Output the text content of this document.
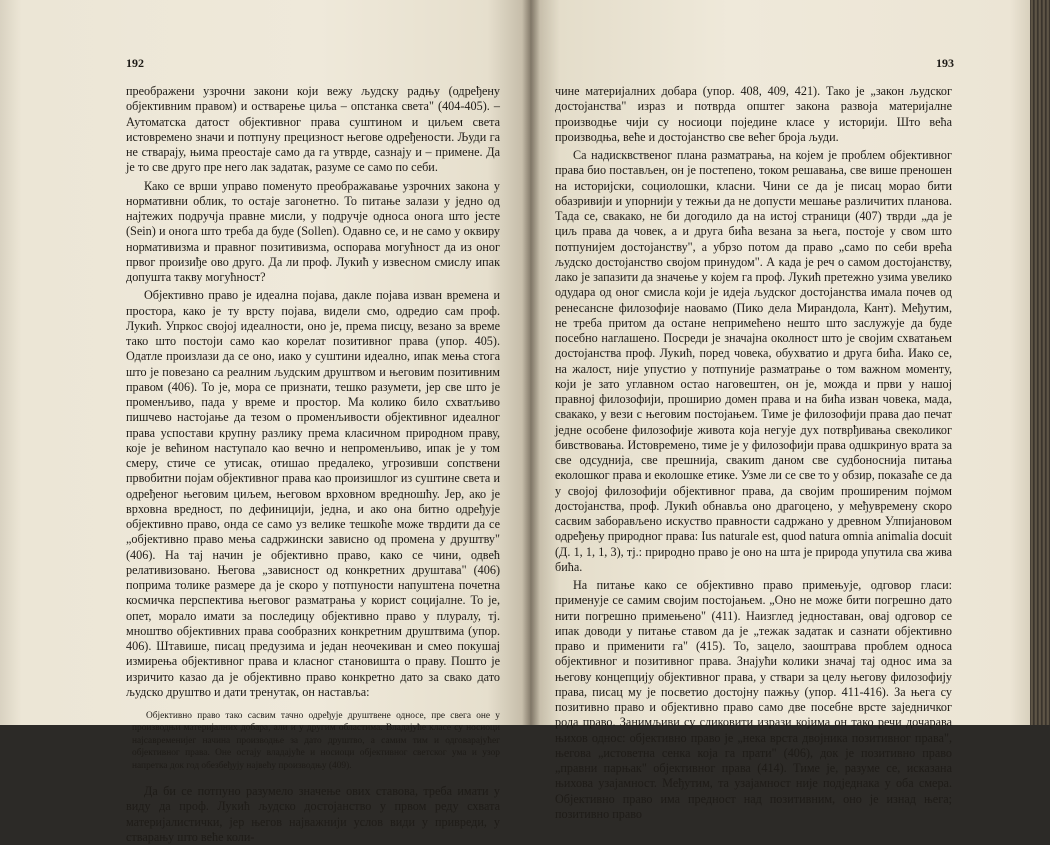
192

преображени узрочни закони који вежу људску радњу (одређену објективним правом) и остварење циља – опстанка света" (404-405). – Аутоматска датост објективног права суштином и циљем света истовремено значи и потпуну прецизност његове одређености. Људи га не стварају, њима преостаје само да га утврде, сазнају и – примене. Да је то све друго пре него лак задатак, разуме се само по себи.

Како се врши управо поменуто преображавање узрочних закона у нормативни облик, то остаје загонетно. То питање залази у једно од најтежих подручја правне мисли, у подручје односа онога што јесте (Sein) и онога што треба да буде (Sollen). Одавно се, и не само у оквиру нормативизма и правног позитивизма, оспорава могућност да из оног првог произиђе ово друго. Да ли проф. Лукић у извесном смислу ипак допушта такву могућност?

Објективно право је идеална појава, дакле појава изван времена и простора, како је ту врсту појава, видели смо, одредио сам проф. Лукић. Упркос својој идеалности, оно је, према писцу, везано за време тако што постоји само као корелат позитивног права (упор. 405). Одатле произлази да се оно, иако у суштини идеално, ипак мења стога што је повезано са реалним људским друштвом и његовим позитивним правом (406). То је, мора се признати, тешко разумети, јер све што је променљиво, пада у време и простор. Ма колико било схватљиво пишчево настојање да тезом о променљивости објективног идеалног права успостави крупну разлику према класичном природном праву, које је већином наступало као вечно и непроменљиво, ипак је у том смеру, стиче се утисак, отишао предалеко, угрозивши сопствени првобитни појам објективног права као произишлог из суштине света и одређеног његовим циљем, његовом врховном вредношћу. Јер, ако је врховна вредност, по дефиницији, једна, и ако она битно одређује објективно право, онда се само уз велике тешкоће може тврдити да се „објективно право мења садржински зависно од промена у друштву" (406). На тај начин је објективно право, како се чини, одвећ релативизовано. Његова „зависност од конкретних друштава" (406) поприма толике размере да је скоро у потпуности напуштена почетна космичка перспектива његовог разматрања у корист социјалне. То је, опет, морало имати за последицу објективно право у плуралу, тј. мноштво објективних права сообразних конкретним друштвима (упор. 406). Штавише, писац предузима и један неочекиван и смео покушај измирења објективног права и класног становишта о праву. Пошто је изричито казао да је објективно право конкретно дато за свако дато људско друштво и дати тренутак, он наставља:

Објективно право тако сасвим тачно одређује друштвене односе, пре свега оне у производњи материјалних добара, али и у другим областима. Владајуће класе су носиоци најсавременијег начина производње за дато друштво, а самим тим и одговарајућег објективног права. Оне остају владајуће и носиоци објективног светског ума и узор напретка док год обезбеђују највећу производњу (409).

Да би се потпуно разумело значење ових ставова, треба имати у виду да проф. Лукић људско достојанство у првом реду схвата материјалистички, јер његов најважнији услов види у привреди, у стварању што веће коли-

193

чине материјалних добара (упор. 408, 409, 421). Тако је „закон људског достојанства" израз и потврда општег закона развоја материјалне производње чији су носиоци поједине класе у историји. Што већа производња, веће и достојанство све већег броја људи.

Са надисквственог плана разматрања, на којем је проблем објективног права био постављен, он је постепено, током решавања, све више преношен на историјски, социолошки, класни. Чини се да је писац морао бити обазривији и упорнији у тежњи да не допусти мешање различитих планова. Тада се, свакако, не би догодило да на истој страници (407) тврди „да је циљ права да човек, а и друга бића везана за њега, постоје у свом што потпунијем достојанству", а убрзо потом да право „само по себи врећа људско достојанство својом принудом". А када је реч о самом достојанству, лако је запазити да значење у којем га проф. Лукић претежно узима увелико одудара од оног смисла који је идеја људског достојанства имала почев од ренесансне филозофије наовамо (Пико дела Мирандола, Кант). Међутим, не треба притом да остане непримећено нешто што заслужује да буде посебно наглашено. Посреди је значајна околност што је својим схватањем достојанства проф. Лукић, поред човека, обухватио и друга бића. Иако се, на жалост, није упустио у потпуније разматрање о том важном моменту, који је зато углавном остао наговештен, он је, можда и први у нашој правној филозофији, проширио домен права и на бића изван човека, мада, свакако, у вези с његовим постојањем. Тиме је филозофији права дао печат једне особене филозофије живота која негује дух потврђивања свеколиког бивствовања. Истовремено, тиме је у филозофији права одшкринуо врата за све одсуднија, све прешнија, свакиm даном све судбоноснија питања еколошког права и еколошке етике. Узме ли се све то у обзир, показаће се да у својој филозофији објективног права, да својим проширеним појмом достојанства, проф. Лукић обнавља оно драгоцено, у међувремену скоро сасвим заборављено искуство правности садржано у древном Улпијановом одређењу природног права: Ius naturale est, quod natura omnia animalia docuit (Д. 1, 1, 1, 3), тј.: природно право је оно на шта је природа упутила сва жива бића.

На питање како се објективно право примењује, одговор гласи: применује се самим својим постојањем. „Оно не може бити погрешно дато нити погрешно примењено" (411). Наизглед једноставан, овај одговор се ипак доводи у питање ставом да је „тежак задатак и сазнати објективно право и применити га" (415). То, зацело, заоштрава проблем односа објективног и позитивног права. Знајући колики значај тај однос има за његову концепцију објективног права, у ствари за целу његову филозофију права, писац му је посветио достојну пажњу (упор. 411-416). За њега су позитивно право и објективно право само две посебне врсте заједничког рода право. Занимљиви су сликовити изрази којима он тако речи дочарава њихов однос: објективно право је „нека врста двојника позитивног права", његова „истоветна сенка која га прати" (406), док је позитивно право „правни парњак" објективног права (414). Тиме је, разуме се, исказана њихова узајамност. Међутим, та узајамност није подједнака у оба смера. Објективно право има предност над позитивним, оно је изнад њега; позитивно право
